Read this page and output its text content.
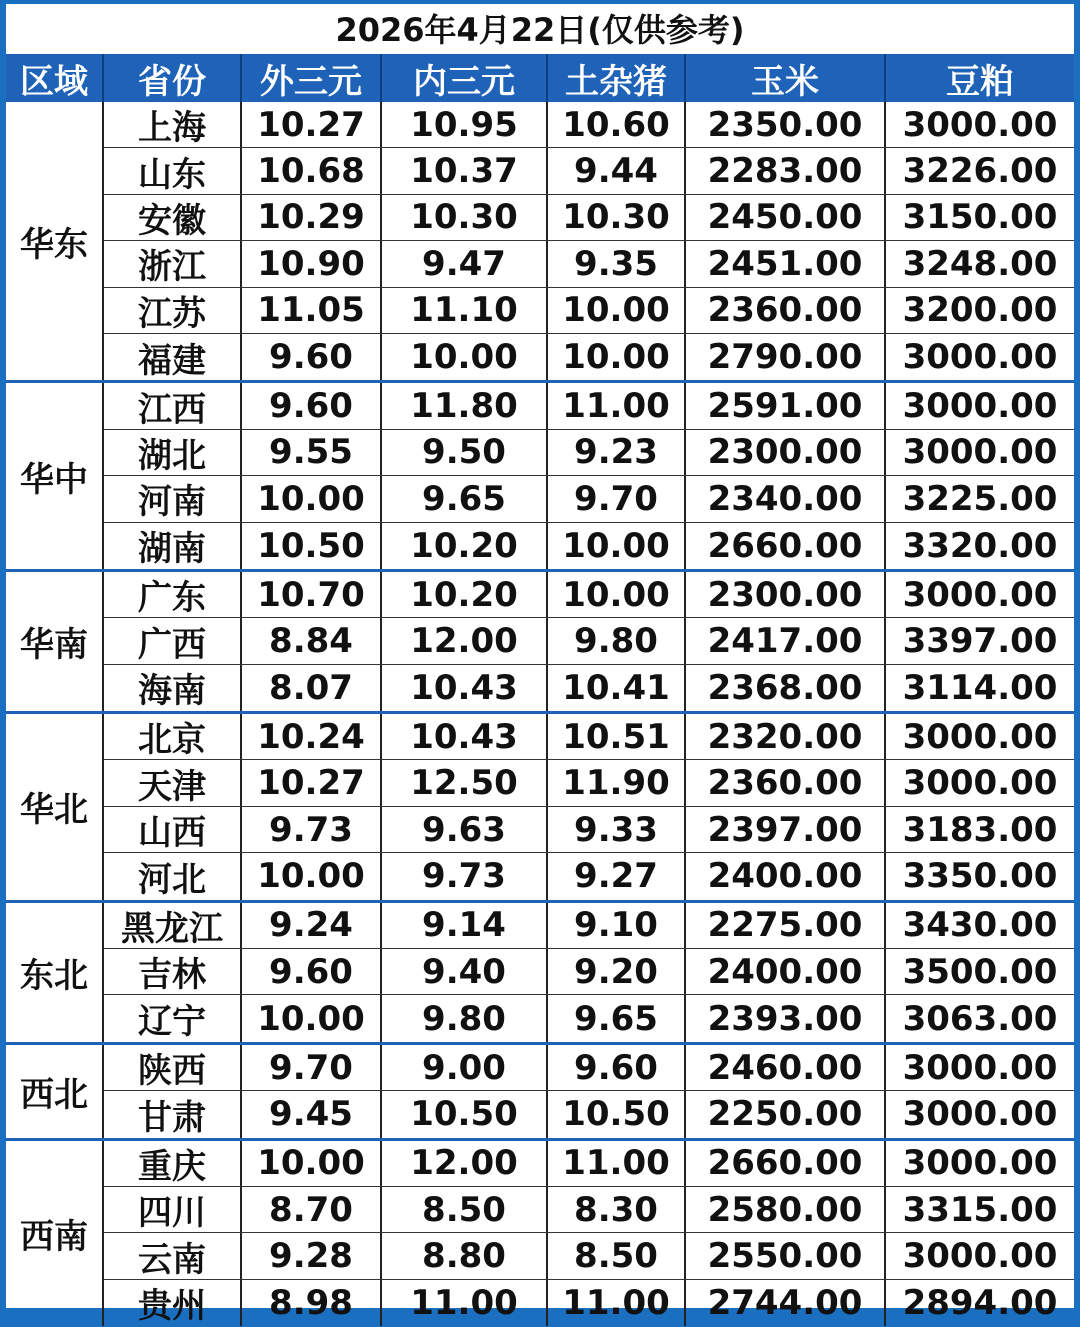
2026年4月22日(仅供参考)
区域	省份	外三元	内三元	土杂猪	玉米	豆粕
华东
上海	10.27	10.95	10.60	2350.00	3000.00
山东	10.68	10.37	9.44	2283.00	3226.00
安徽	10.29	10.30	10.30	2450.00	3150.00
浙江	10.90	9.47	9.35	2451.00	3248.00
江苏	11.05	11.10	10.00	2360.00	3200.00
福建	9.60	10.00	10.00	2790.00	3000.00
华中
江西	9.60	11.80	11.00	2591.00	3000.00
湖北	9.55	9.50	9.23	2300.00	3000.00
河南	10.00	9.65	9.70	2340.00	3225.00
湖南	10.50	10.20	10.00	2660.00	3320.00
华南
广东	10.70	10.20	10.00	2300.00	3000.00
广西	8.84	12.00	9.80	2417.00	3397.00
海南	8.07	10.43	10.41	2368.00	3114.00
华北
北京	10.24	10.43	10.51	2320.00	3000.00
天津	10.27	12.50	11.90	2360.00	3000.00
山西	9.73	9.63	9.33	2397.00	3183.00
河北	10.00	9.73	9.27	2400.00	3350.00
东北
黑龙江	9.24	9.14	9.10	2275.00	3430.00
吉林	9.60	9.40	9.20	2400.00	3500.00
辽宁	10.00	9.80	9.65	2393.00	3063.00
西北
陕西	9.70	9.00	9.60	2460.00	3000.00
甘肃	9.45	10.50	10.50	2250.00	3000.00
西南
重庆	10.00	12.00	11.00	2660.00	3000.00
四川	8.70	8.50	8.30	2580.00	3315.00
云南	9.28	8.80	8.50	2550.00	3000.00
贵州	8.98	11.00	11.00	2744.00	2894.00
